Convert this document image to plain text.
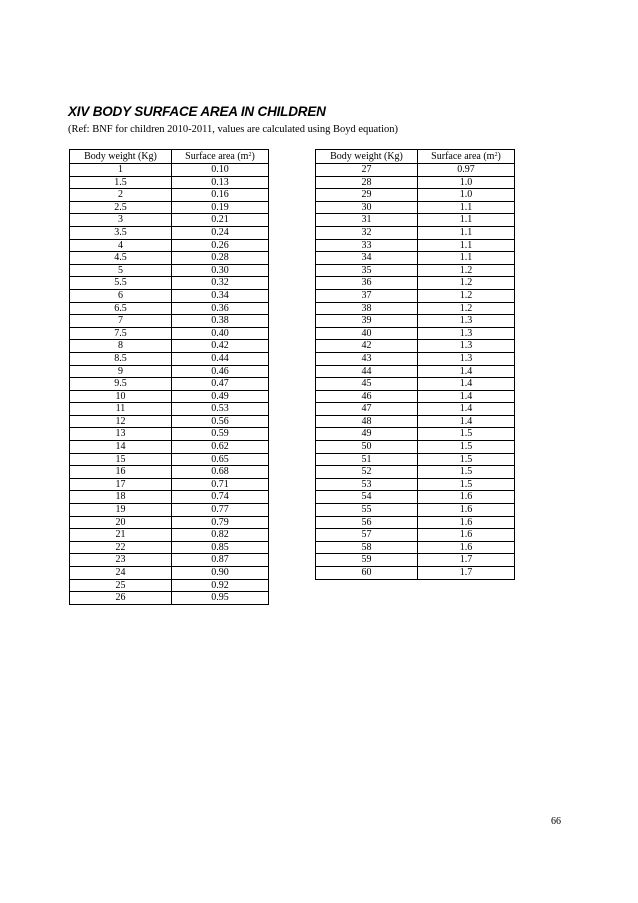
XIV BODY SURFACE AREA IN CHILDREN

(Ref: BNF for children 2010-2011, values are calculated using Boyd equation)

Body weight (Kg)	Surface area $(m^2)$
1	0.10
1.5	0.13
2	0.16
2.5	0.19
3	0.21
3.5	0.24
4	0.26
4.5	0.28
5	0.30
5.5	0.32
6	0.34
6.5	0.36
7	0.38
7.5	0.40
8	0.42
8.5	0.44
9	0.46
9.5	0.47
10	0.49
11	0.53
12	0.56
13	0.59
14	0.62
15	0.65
16	0.68
17	0.71
18	0.74
19	0.77
20	0.79
21	0.82
22	0.85
23	0.87
24	0.90
25	0.92
26	0.95
Body weight (Kg)	Surface area $(m^2)$
27	0.97
28	1.0
29	1.0
30	1.1
31	1.1
32	1.1
33	1.1
34	1.1
35	1.2
36	1.2
37	1.2
38	1.2
39	1.3
40	1.3
42	1.3
43	1.3
44	1.4
45	1.4
46	1.4
47	1.4
48	1.4
49	1.5
50	1.5
51	1.5
52	1.5
53	1.5
54	1.6
55	1.6
56	1.6
57	1.6
58	1.6
59	1.7
60	1.7
66
